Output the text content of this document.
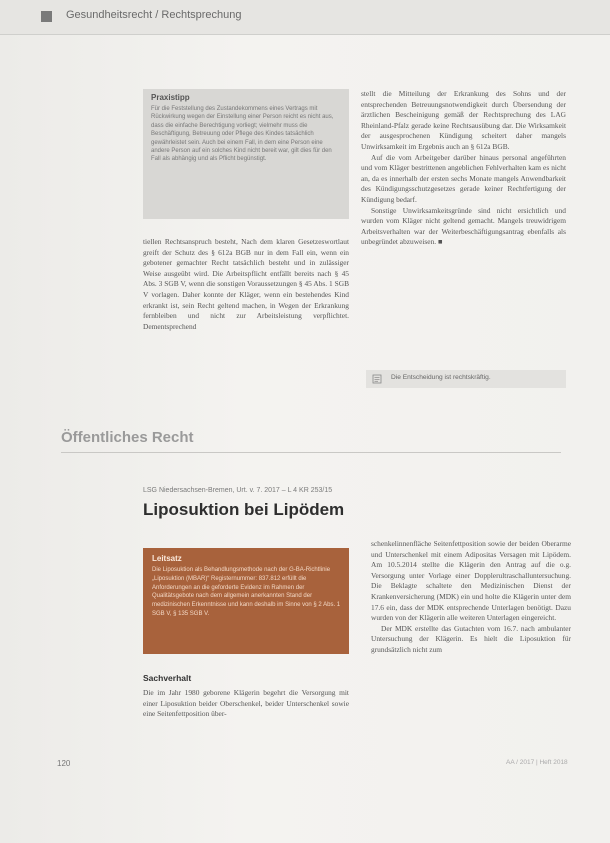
Gesundheitsrecht / Rechtsprechung
Praxistipp
Für die Feststellung des Zustandekommens eines Vertrags mit Rückwirkung wegen der Einstellung einer Person reicht es nicht aus, dass die einfache Berechtigung vorliegt; vielmehr muss die Beschäftigung, Betreuung oder Pflege des Kindes tatsächlich gewährleistet sein. Auch bei einem Fall, in dem eine Person eine andere Person auf ein solches Kind nicht bereit war, gilt dies für den Fall als abhängig und als Pflicht begünstigt.

tiellen Rechtsanspruch besteht, Nach dem klaren Gesetzeswortlaut greift der Schutz des § 612a BGB nur in dem Fall ein, wenn ein gebotener gemachter Recht tatsächlich besteht und in zulässiger Weise ausgeübt wird. Die Arbeitspflicht entfällt bereits nach § 45 Abs. 3 SGB V, wenn die sonstigen Voraussetzungen § 45 Abs. 1 SGB V vorlagen. Daher konnte der Kläger, wenn ein bestehendes Kind erkrankt ist, sein Recht geltend machen, in Wegen der Erkrankung fernbleiben und nicht zur Arbeitsleistung verpflichtet. Dementsprechend

stellt die Mitteilung der Erkrankung des Sohns und der entsprechenden Betreuungsnotwendigkeit durch Übersendung der ärztlichen Bescheinigung gemäß der Rechtsprechung des LAG Rheinland-Pfalz gerade keine Rechtsausübung dar. Die Wirksamkeit der ausgesprochenen Kündigung scheitert daher mangels Unwirksamkeit im Ergebnis auch an § 612a BGB.

Auf die vom Arbeitgeber darüber hinaus personal angeführten und vom Kläger bestrittenen angeblichen Fehlverhalten kam es nicht an, da es innerhalb der ersten sechs Monate mangels Anwendbarkeit des Kündigungsschutzgesetzes gerade keiner Rechtfertigung der Kündigung bedarf.

Sonstige Unwirksamkeitsgründe sind nicht ersichtlich und wurden vom Kläger nicht geltend gemacht. Mangels treuwidrigem Arbeitsverhalten war der Weiterbeschäftigungsantrag ebenfalls als unbegründet abzuweisen. ■

Die Entscheidung ist rechtskräftig.
Öffentliches Recht
LSG Niedersachsen-Bremen, Urt. v. 7. 2017 – L 4 KR 253/15
Liposuktion bei Lipödem
Leitsatz
Die Liposuktion als Behandlungsmethode nach der G-BA-Richtlinie „Liposuktion (MBAR)“ Registernummer: 837.812 erfüllt die Anforderungen an die geforderte Evidenz im Rahmen der Qualitätsgebote nach dem allgemein anerkannten Stand der medizinischen Erkenntnisse und kann deshalb im Sinne von § 2 Abs. 1 SGB V, § 135 SGB V.
Sachverhalt

Die im Jahr 1980 geborene Klägerin begehrt die Versorgung mit einer Liposuktion beider Oberschenkel, beider Unterschenkel sowie eine Seitenfettposition über-

schenkelinnenfläche Seitenfettposition sowie der beiden Oberarme und Unterschenkel mit einem Adipositas Versagen mit Lipödem. Am 10.5.2014 stellte die Klägerin den Antrag auf die o.g. Versorgung unter Vorlage einer Dopplerultraschalluntersuchung. Die Beklagte schaltete den Medizinischen Dienst der Krankenversicherung (MDK) ein und holte die Klägerin unter dem 17.6 ein, dass der MDK entsprechende Unterlagen benötigt. Dazu wurden von der Klägerin alle weiteren Unterlagen eingereicht.

Der MDK erstellte das Gutachten vom 16.7. nach ambulanter Untersuchung der Klägerin. Es hielt die Liposuktion für grundsätzlich nicht zum

120	AA / 2017 | Heft 2018
